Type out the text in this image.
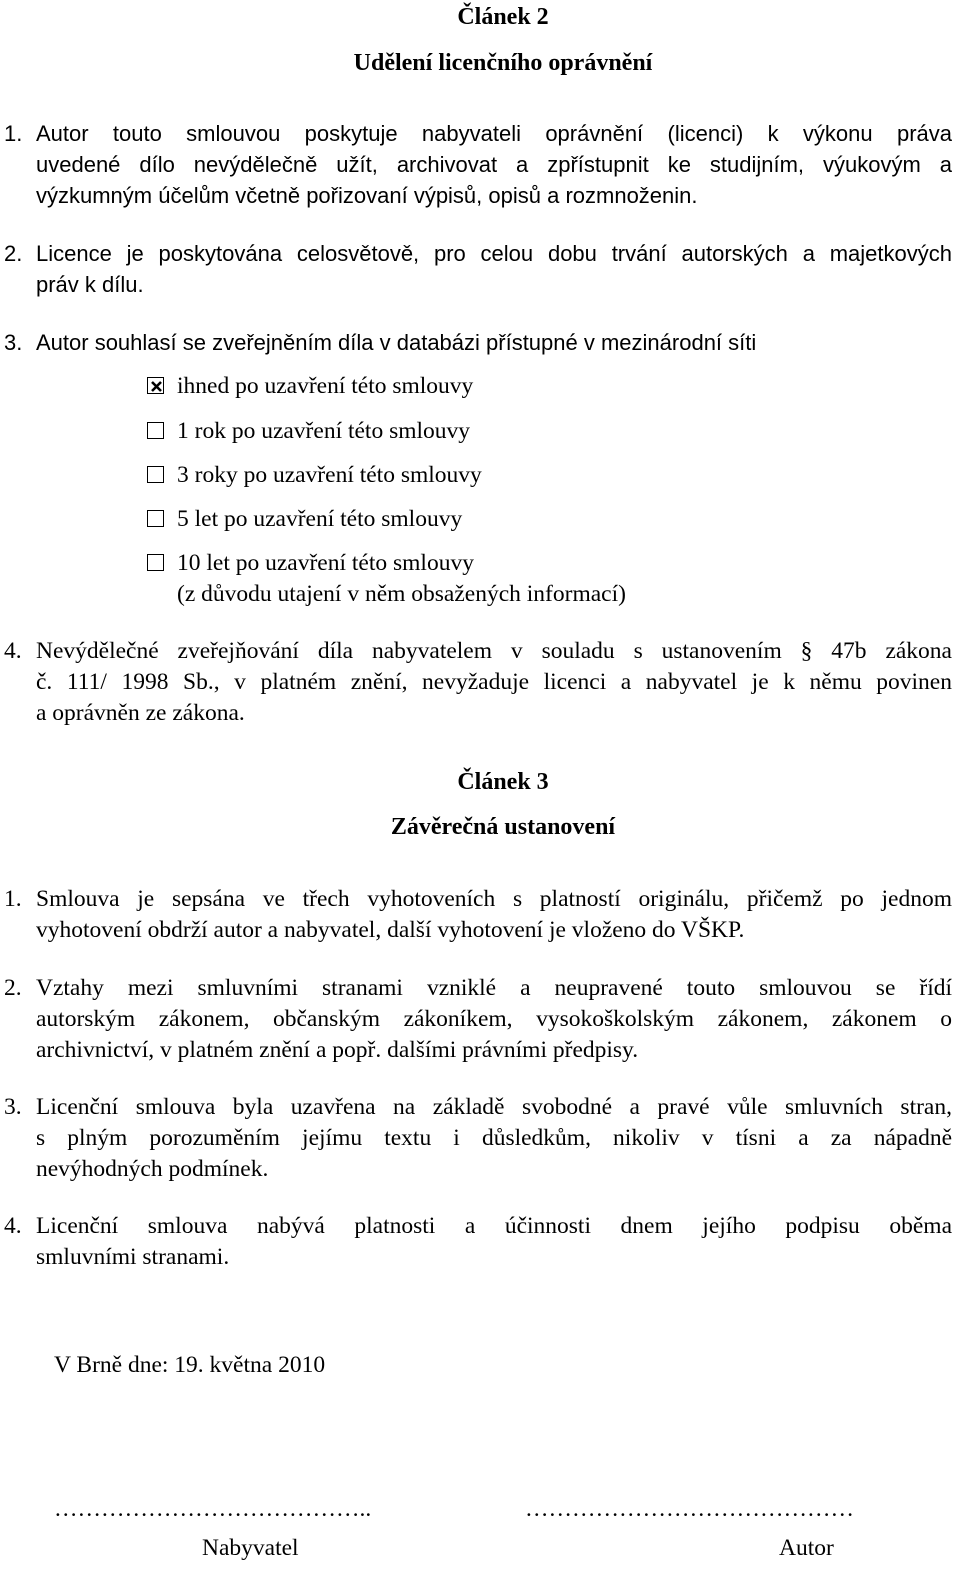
Článek 2
Udělení licenčního oprávnění
1. Autor touto smlouvou poskytuje nabyvateli oprávnění (licenci) k výkonu práva
uvedené dílo nevýdělečně užít, archivovat a zpřístupnit ke studijním, výukovým a
výzkumným účelům včetně pořizovaní výpisů, opisů a rozmnoženin.
2. Licence je poskytována celosvětově, pro celou dobu trvání autorských a majetkových
práv k dílu.
3. Autor souhlasí se zveřejněním díla v databázi přístupné v mezinárodní síti
ihned po uzavření této smlouvy
1 rok po uzavření této smlouvy
3 roky po uzavření této smlouvy
5 let po uzavření této smlouvy
10 let po uzavření této smlouvy
(z důvodu utajení v něm obsažených informací)
4. Nevýdělečné zveřejňování díla nabyvatelem v souladu s ustanovením § 47b zákona
č. 111/ 1998 Sb., v platném znění, nevyžaduje licenci a nabyvatel je k němu povinen
a oprávněn ze zákona.
Článek 3
Závěrečná ustanovení
1. Smlouva je sepsána ve třech vyhotoveních s platností originálu, přičemž po jednom
vyhotovení obdrží autor a nabyvatel, další vyhotovení je vloženo do VŠKP.
2. Vztahy mezi smluvními stranami vzniklé a neupravené touto smlouvou se řídí
autorským zákonem, občanským zákoníkem, vysokoškolským zákonem, zákonem o
archivnictví, v platném znění a popř. dalšími právními předpisy.
3. Licenční smlouva byla uzavřena na základě svobodné a pravé vůle smluvních stran,
s plným porozuměním jejímu textu i důsledkům, nikoliv v tísni a za nápadně
nevýhodných podmínek.
4. Licenční smlouva nabývá platnosti a účinnosti dnem jejího podpisu oběma
smluvními stranami.
V Brně dne: 19. května 2010
…………………………………..	……………………………………
Nabyvatel	Autor
